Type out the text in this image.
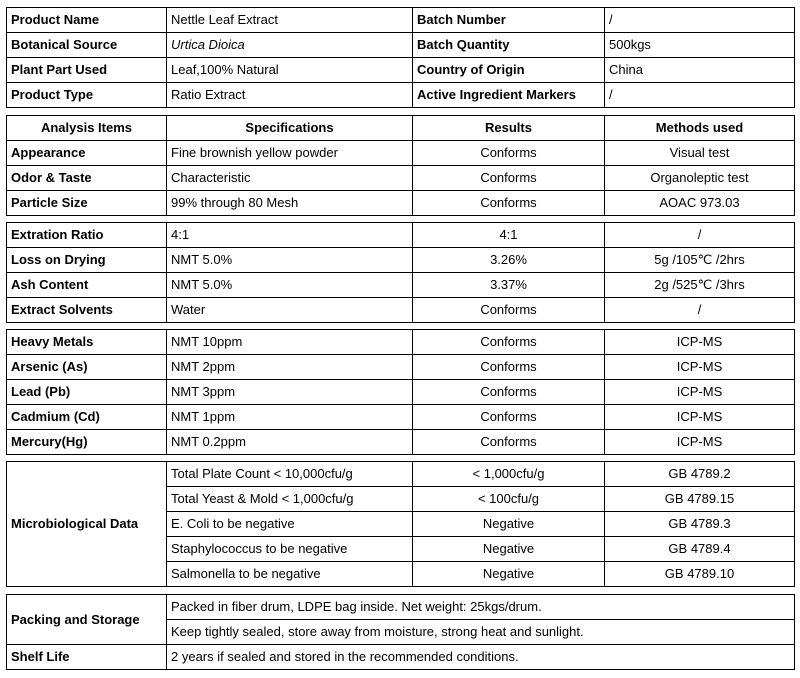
Product Name	Nettle Leaf Extract	Batch Number	/
Botanical Source	Urtica Dioica	Batch Quantity	500kgs
Plant Part Used	Leaf,100% Natural	Country of Origin	China
Product Type	Ratio Extract	Active Ingredient Markers	/
Analysis Items	Specifications	Results	Methods used
Appearance	Fine brownish yellow powder	Conforms	Visual test
Odor & Taste	Characteristic	Conforms	Organoleptic test
Particle Size	99% through 80 Mesh	Conforms	AOAC 973.03
Extration Ratio	4:1	4:1	/
Loss on Drying	NMT 5.0%	3.26%	5g /105℃ /2hrs
Ash Content	NMT 5.0%	3.37%	2g /525℃ /3hrs
Extract Solvents	Water	Conforms	/
Heavy Metals	NMT 10ppm	Conforms	ICP-MS
Arsenic (As)	NMT 2ppm	Conforms	ICP-MS
Lead (Pb)	NMT 3ppm	Conforms	ICP-MS
Cadmium (Cd)	NMT 1ppm	Conforms	ICP-MS
Mercury(Hg)	NMT 0.2ppm	Conforms	ICP-MS
Microbiological Data	Total Plate Count < 10,000cfu/g	< 1,000cfu/g	GB 4789.2
	Total Yeast & Mold < 1,000cfu/g	< 100cfu/g	GB 4789.15
	E. Coli to be negative	Negative	GB 4789.3
	Staphylococcus to be negative	Negative	GB 4789.4
	Salmonella to be negative	Negative	GB 4789.10
Packing and Storage	Packed in fiber drum, LDPE bag inside. Net weight: 25kgs/drum.
	Keep tightly sealed, store away from moisture, strong heat and sunlight.
Shelf Life	2 years if sealed and stored in the recommended conditions.
